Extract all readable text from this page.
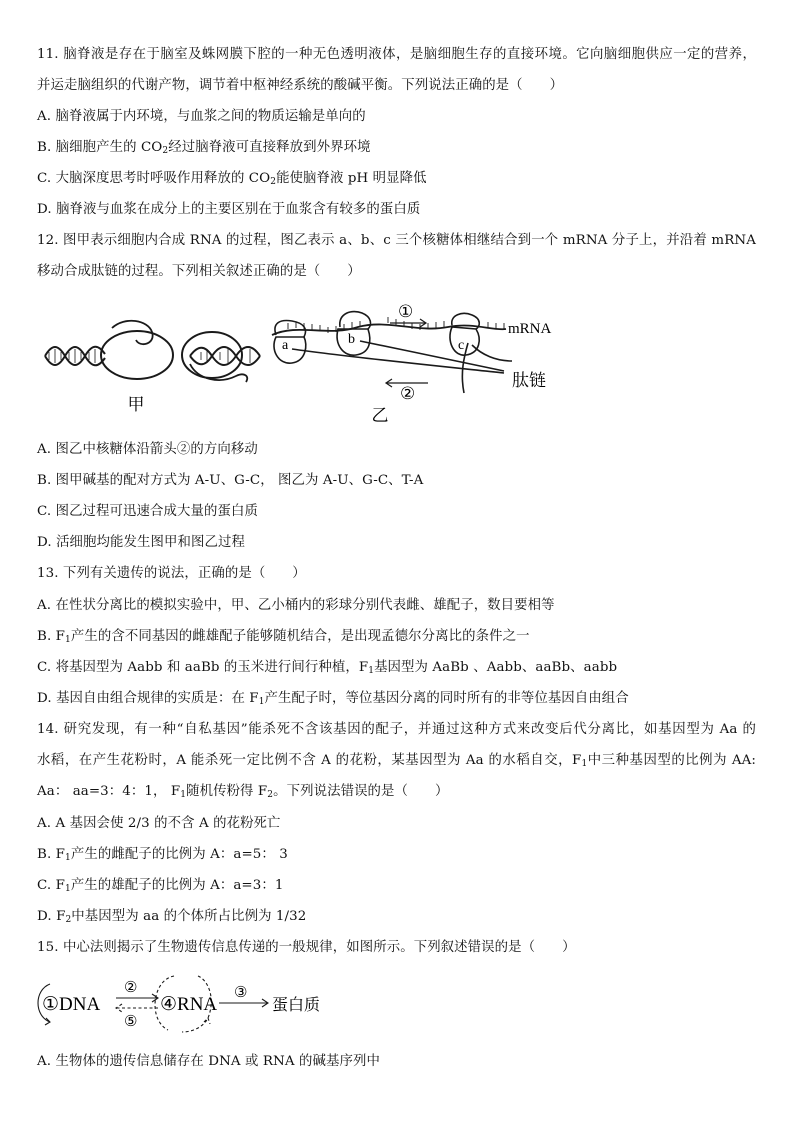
11. 脑脊液是存在于脑室及蛛网膜下腔的一种无色透明液体，是脑细胞生存的直接环境。它向脑细胞供应一定的营养，
并运走脑组织的代谢产物，调节着中枢神经系统的酸碱平衡。下列说法正确的是（　　）
A. 脑脊液属于内环境，与血浆之间的物质运输是单向的
B. 脑细胞产生的 $CO_2$经过脑脊液可直接释放到外界环境
C. 大脑深度思考时呼吸作用释放的 $CO_2$能使脑脊液 pH 明显降低
D. 脑脊液与血浆在成分上的主要区别在于血浆含有较多的蛋白质
12. 图甲表示细胞内合成 RNA 的过程，图乙表示 a、b、c 三个核糖体相继结合到一个 mRNA 分子上，并沿着 mRNA
移动合成肽链的过程。下列相关叙述正确的是（　　）
甲
a	b	c
①
②
mRNA
肽链
乙
A. 图乙中核糖体沿箭头②的方向移动
B. 图甲碱基的配对方式为 A-U、G-C， 图乙为 A-U、G-C、T-A
C. 图乙过程可迅速合成大量的蛋白质
D. 活细胞均能发生图甲和图乙过程
13. 下列有关遗传的说法，正确的是（　　）
A. 在性状分离比的模拟实验中，甲、乙小桶内的彩球分别代表雌、雄配子，数目要相等
B. $F_1$产生的含不同基因的雌雄配子能够随机结合，是出现孟德尔分离比的条件之一
C. 将基因型为 Aabb 和 aaBb 的玉米进行间行种植，$F_1$基因型为 AaBb 、Aabb、aaBb、aabb
D. 基因自由组合规律的实质是：在 $F_1$产生配子时，等位基因分离的同时所有的非等位基因自由组合
14. 研究发现，有一种“自私基因”能杀死不含该基因的配子，并通过这种方式来改变后代分离比，如基因型为 Aa 的
水稻，在产生花粉时，A 能杀死一定比例不含 A 的花粉，某基因型为 Aa 的水稻自交，$F_1$中三种基因型的比例为 AA:
Aa： aa=3：4：1， $F_1$随机传粉得 $F_2$。下列说法错误的是（　　）
A. A 基因会使 2/3 的不含 A 的花粉死亡
B. $F_1$产生的雌配子的比例为 A：a=5： 3
C. $F_1$产生的雄配子的比例为 A：a=3：1
D. $F_2$中基因型为 aa 的个体所占比例为 1/32
15. 中心法则揭示了生物遗传信息传递的一般规律，如图所示。下列叙述错误的是（　　）
①DNA	④RNA	蛋白质
②
⑤
③
A. 生物体的遗传信息储存在 DNA 或 RNA 的碱基序列中
